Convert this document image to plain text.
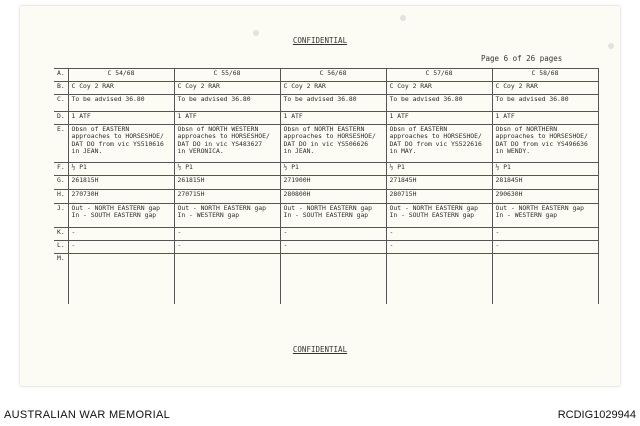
CONFIDENTIAL
Page 6 of 26 pages
A.	C 54/68	C 55/68	C 56/68	C 57/68	C 58/68
B.	C Coy 2 RAR	C Coy 2 RAR	C Coy 2 RAR	C Coy 2 RAR	C Coy 2 RAR
C.	To be advised 36.80	To be advised 36.80	To be advised 36.80	To be advised 36.80	To be advised 36.80
D.	1 ATF	1 ATF	1 ATF	1 ATF	1 ATF
E.	Obsn of EASTERN
approaches to HORSESHOE/
DAT DO from vic YS510616
in JEAN.	Obsn of NORTH WESTERN
approaches to HORSESHOE/
DAT DO in vic YS483627
in VERONICA.	Obsn of NORTH EASTERN
approaches to HORSESHOE/
DAT DO in vic YS506626
in JEAN.	Obsn of EASTERN
approaches to HORSESHOE/
DAT DO from vic YS522616
in MAY.	Obsn of NORTHERN
approaches to HORSESHOE/
DAT DO from vic YS496636
in WENDY.
F.	½ P1	½ P1	½ P1	½ P1	½ P1
G.	261815H	261815H	271900H	271845H	281845H
H.	270730H	270715H	280800H	280715H	290630H
J.	Out - NORTH EASTERN gap
In - SOUTH EASTERN gap	Out - NORTH EASTERN gap
In - WESTERN gap	Out - NORTH EASTERN gap
In - SOUTH EASTERN gap	Out - NORTH EASTERN gap
In - SOUTH EASTERN gap	Out - NORTH EASTERN gap
In - WESTERN gap
K.	-	-	-	-	-
L.	-	-	-	-	-
M.					
CONFIDENTIAL
AUSTRALIAN WAR MEMORIAL	RCDIG1029944
